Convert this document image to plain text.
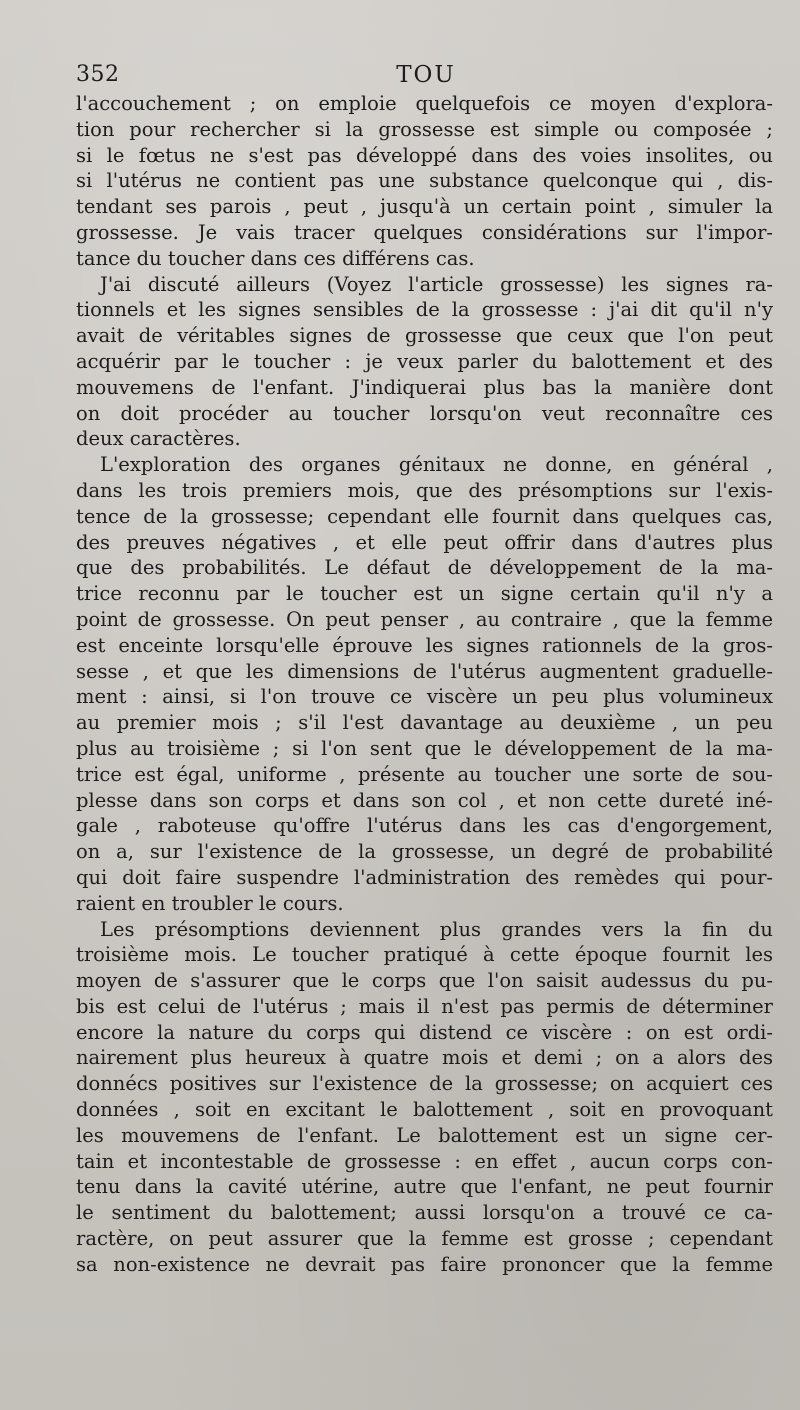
352	TOU
l'accouchement ; on emploie quelquefois ce moyen d'explora-
tion pour rechercher si la grossesse est simple ou composée ;
si le fœtus ne s'est pas développé dans des voies insolites, ou
si l'utérus ne contient pas une substance quelconque qui , dis-
tendant ses parois , peut , jusqu'à un certain point , simuler la
grossesse. Je vais tracer quelques considérations sur l'impor-
tance du toucher dans ces différens cas.
J'ai discuté ailleurs (Voyez l'article grossesse) les signes ra-
tionnels et les signes sensibles de la grossesse : j'ai dit qu'il n'y
avait de véritables signes de grossesse que ceux que l'on peut
acquérir par le toucher : je veux parler du balottement et des
mouvemens de l'enfant. J'indiquerai plus bas la manière dont
on doit procéder au toucher lorsqu'on veut reconnaître ces
deux caractères.
L'exploration des organes génitaux ne donne, en général ,
dans les trois premiers mois, que des présomptions sur l'exis-
tence de la grossesse; cependant elle fournit dans quelques cas,
des preuves négatives , et elle peut offrir dans d'autres plus
que des probabilités. Le défaut de développement de la ma-
trice reconnu par le toucher est un signe certain qu'il n'y a
point de grossesse. On peut penser , au contraire , que la femme
est enceinte lorsqu'elle éprouve les signes rationnels de la gros-
sesse , et que les dimensions de l'utérus augmentent graduelle-
ment : ainsi, si l'on trouve ce viscère un peu plus volumineux
au premier mois ; s'il l'est davantage au deuxième , un peu
plus au troisième ; si l'on sent que le développement de la ma-
trice est égal, uniforme , présente au toucher une sorte de sou-
plesse dans son corps et dans son col , et non cette dureté iné-
gale , raboteuse qu'offre l'utérus dans les cas d'engorgement,
on a, sur l'existence de la grossesse, un degré de probabilité
qui doit faire suspendre l'administration des remèdes qui pour-
raient en troubler le cours.
Les présomptions deviennent plus grandes vers la fin du
troisième mois. Le toucher pratiqué à cette époque fournit les
moyen de s'assurer que le corps que l'on saisit audessus du pu-
bis est celui de l'utérus ; mais il n'est pas permis de déterminer
encore la nature du corps qui distend ce viscère : on est ordi-
nairement plus heureux à quatre mois et demi ; on a alors des
donnécs positives sur l'existence de la grossesse; on acquiert ces
données , soit en excitant le balottement , soit en provoquant
les mouvemens de l'enfant. Le balottement est un signe cer-
tain et incontestable de grossesse : en effet , aucun corps con-
tenu dans la cavité utérine, autre que l'enfant, ne peut fournir
le sentiment du balottement; aussi lorsqu'on a trouvé ce ca-
ractère, on peut assurer que la femme est grosse ; cependant
sa non-existence ne devrait pas faire prononcer que la femme
